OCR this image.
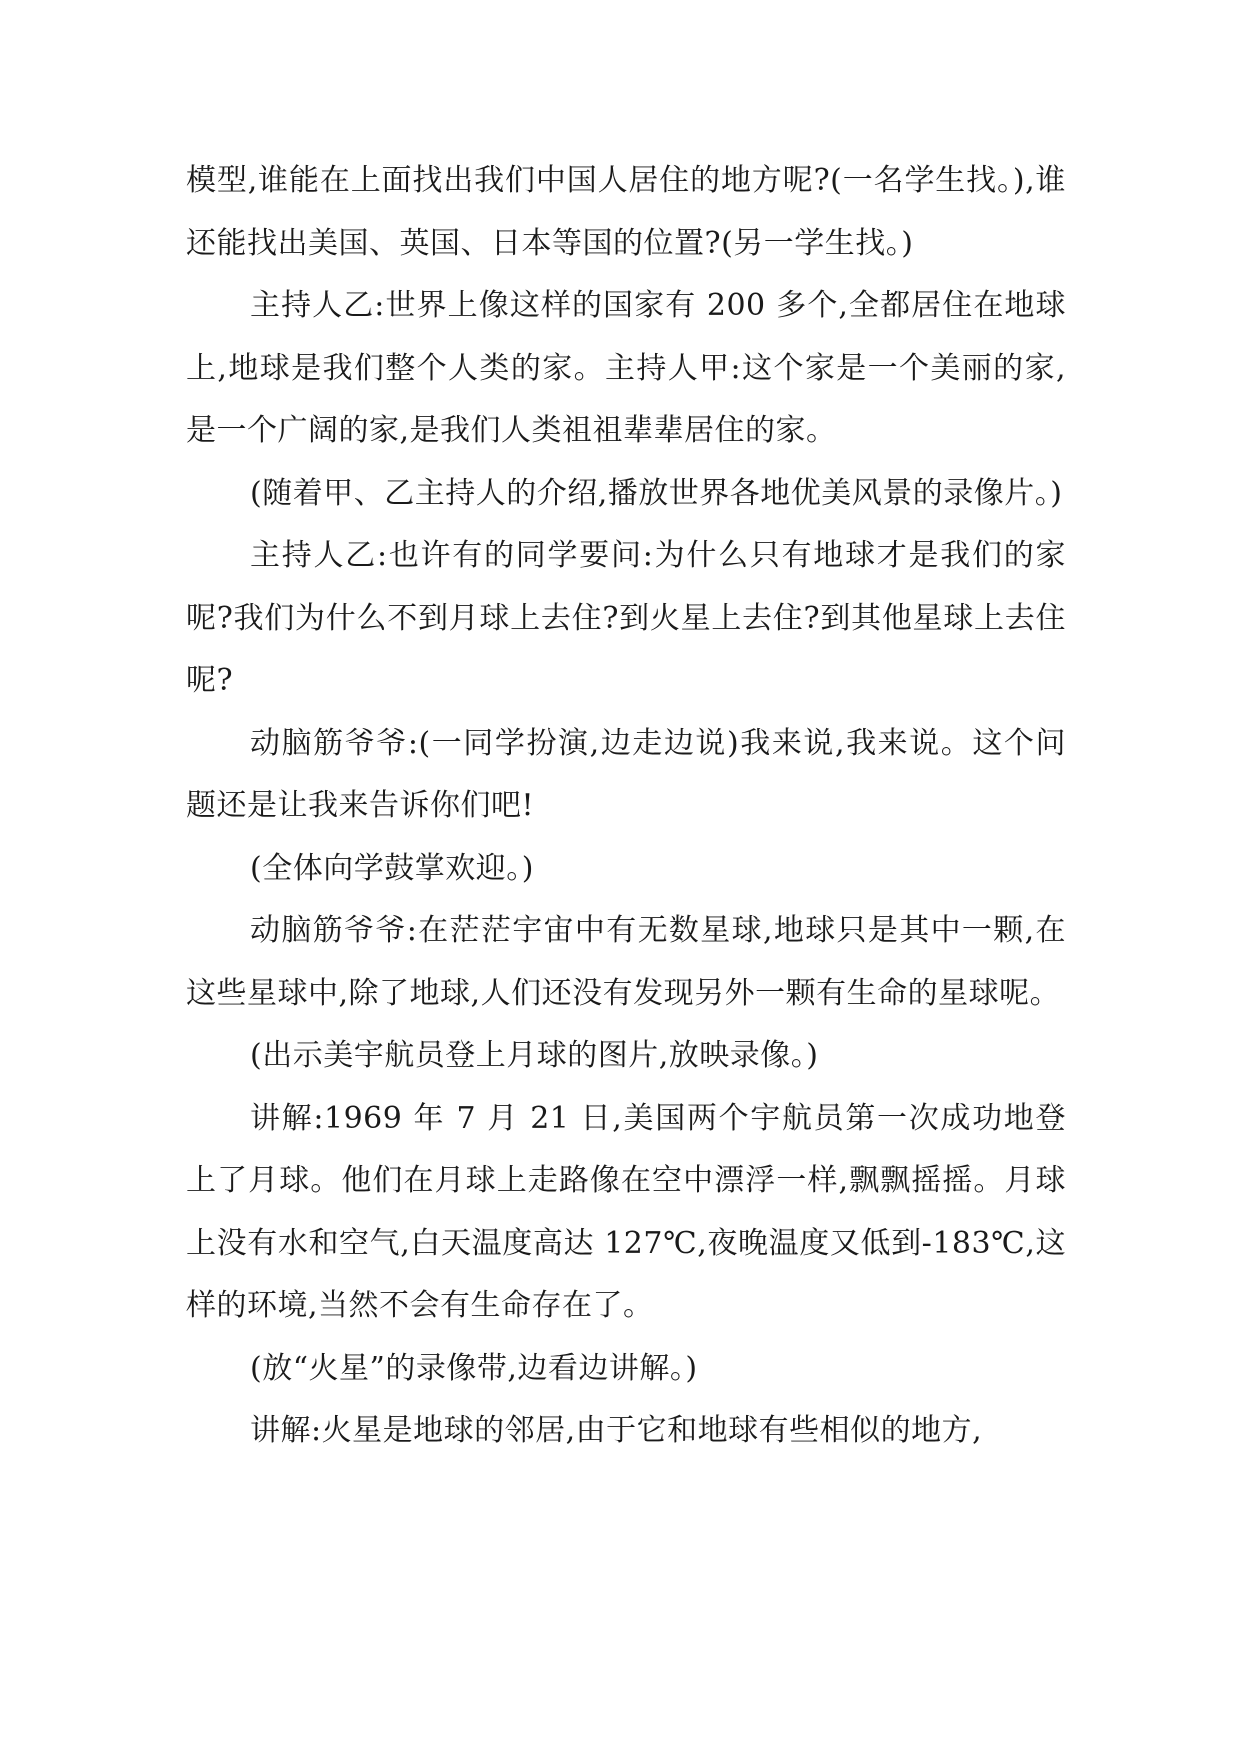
模型,谁能在上面找出我们中国人居住的地方呢?(一名学生找。),谁还能找出美国、英国、日本等国的位置?(另一学生找。)

主持人乙:世界上像这样的国家有 200 多个,全都居住在地球上,地球是我们整个人类的家。主持人甲:这个家是一个美丽的家,是一个广阔的家,是我们人类祖祖辈辈居住的家。

(随着甲、乙主持人的介绍,播放世界各地优美风景的录像片。)

主持人乙:也许有的同学要问:为什么只有地球才是我们的家呢?我们为什么不到月球上去住?到火星上去住?到其他星球上去住呢?

动脑筋爷爷:(一同学扮演,边走边说)我来说,我来说。这个问题还是让我来告诉你们吧!

(全体向学鼓掌欢迎。)

动脑筋爷爷:在茫茫宇宙中有无数星球,地球只是其中一颗,在这些星球中,除了地球,人们还没有发现另外一颗有生命的星球呢。

(出示美宇航员登上月球的图片,放映录像。)

讲解:1969 年 7 月 21 日,美国两个宇航员第一次成功地登上了月球。他们在月球上走路像在空中漂浮一样,飘飘摇摇。月球上没有水和空气,白天温度高达 127℃,夜晚温度又低到-183℃,这样的环境,当然不会有生命存在了。

(放“火星”的录像带,边看边讲解。)

讲解:火星是地球的邻居,由于它和地球有些相似的地方,
